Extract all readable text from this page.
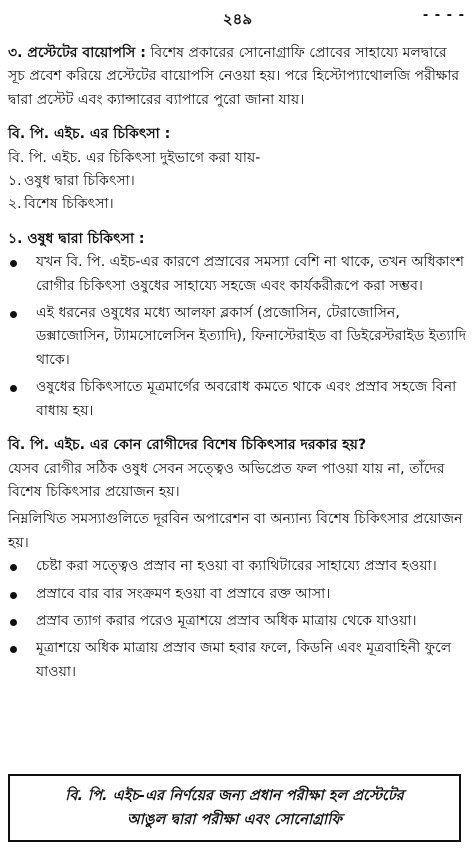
২৪৯	- - - -

৩. প্রস্টেটের বায়োপসি : বিশেষ প্রকারের সোনোগ্রাফি প্রোবের সাহায্যে মলদ্বারে সূচ প্রবেশ করিয়ে প্রস্টেটের বায়োপসি নেওয়া হয়। পরে হিস্টোপ্যাথোলজি পরীক্ষার দ্বারা প্রস্টেট এবং ক্যান্সারের ব্যাপারে পুরো জানা যায়।

বি. পি. এইচ. এর চিকিৎসা :

বি. পি. এইচ. এর চিকিৎসা দুইভাগে করা যায়-

১. ওষুধ দ্বারা চিকিৎসা।
২. বিশেষ চিকিৎসা।

১. ওষুধ দ্বারা চিকিৎসা :

যখন বি. পি. এইচ-এর কারণে প্রস্রাবের সমস্যা বেশি না থাকে, তখন অধিকাংশ রোগীর চিকিৎসা ওষুধের সাহায্যে সহজে এবং কার্যকরীরূপে করা সম্ভব।
এই ধরনের ওষুধের মধ্যে আলফা ব্লকার্স (প্রজোসিন, টেরাজোসিন, ডক্সাজোসিন, ট্যামসোলেসিন ইত্যাদি), ফিনাস্টেরাইড বা ডিইরেস্টরাইড ইত্যাদি থাকে।
ওষুধের চিকিৎসাতে মূত্রমার্গের অবরোধ কমতে থাকে এবং প্রস্রাব সহজে বিনা বাধায় হয়।

বি. পি. এইচ. এর কোন রোগীদের বিশেষ চিকিৎসার দরকার হয়?

যেসব রোগীর সঠিক ওষুধ সেবন সত্ত্বেও অভিপ্রেত ফল পাওয়া যায় না, তাঁদের বিশেষ চিকিৎসার প্রয়োজন হয়।

নিম্নলিখিত সমস্যাগুলিতে দূরবিন অপারেশন বা অন্যান্য বিশেষ চিকিৎসার প্রয়োজন হয়।

চেষ্টা করা সত্ত্বেও প্রস্রাব না হওয়া বা ক্যাথিটারের সাহায্যে প্রস্রাব হওয়া।
প্রস্রাবে বার বার সংক্রমণ হওয়া বা প্রস্রাবে রক্ত আসা।
প্রস্রাব ত্যাগ করার পরেও মূত্রাশয়ে প্রস্রাব অধিক মাত্রায় থেকে যাওয়া।
মূত্রাশয়ে অধিক মাত্রায় প্রস্রাব জমা হবার ফলে, কিডনি এবং মূত্রবাহিনী ফুলে যাওয়া।
বি. পি. এইচ-এর নির্ণয়ের জন্য প্রধান পরীক্ষা হল প্রস্টেটের
আঙুল দ্বারা পরীক্ষা এবং সোনোগ্রাফি
